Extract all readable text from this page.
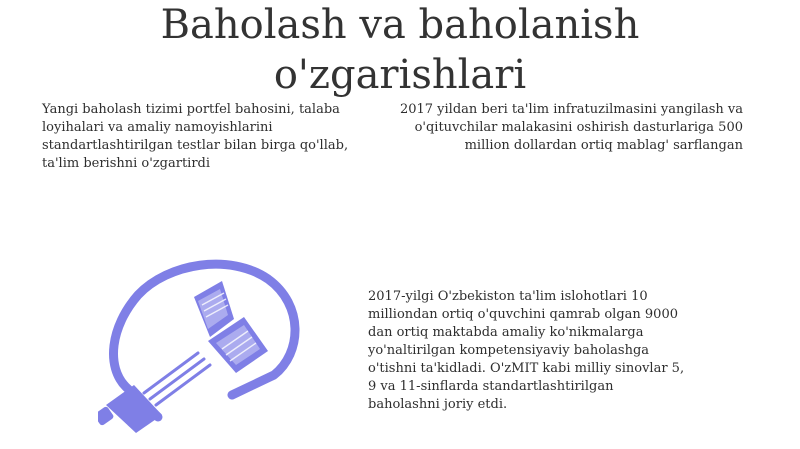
Baholash va baholanish
o'zgarishlari

Yangi baholash tizimi portfel bahosini, talaba loyihalari va amaliy namoyishlarini standartlashtirilgan testlar bilan birga qo'llab, ta'lim berishni o'zgartirdi

2017 yildan beri ta'lim infratuzilmasini yangilash va o'qituvchilar malakasini oshirish dasturlariga 500 million dollardan ortiq mablag' sarflangan

2017-yilgi O'zbekiston ta'lim islohotlari 10 milliondan ortiq o'quvchini qamrab olgan 9000 dan ortiq maktabda amaliy ko'nikmalarga yo'naltirilgan kompetensiyaviy baholashga o'tishni ta'kidladi. O'zMIT kabi milliy sinovlar 5, 9 va 11-sinflarda standartlashtirilgan baholashni joriy etdi.
